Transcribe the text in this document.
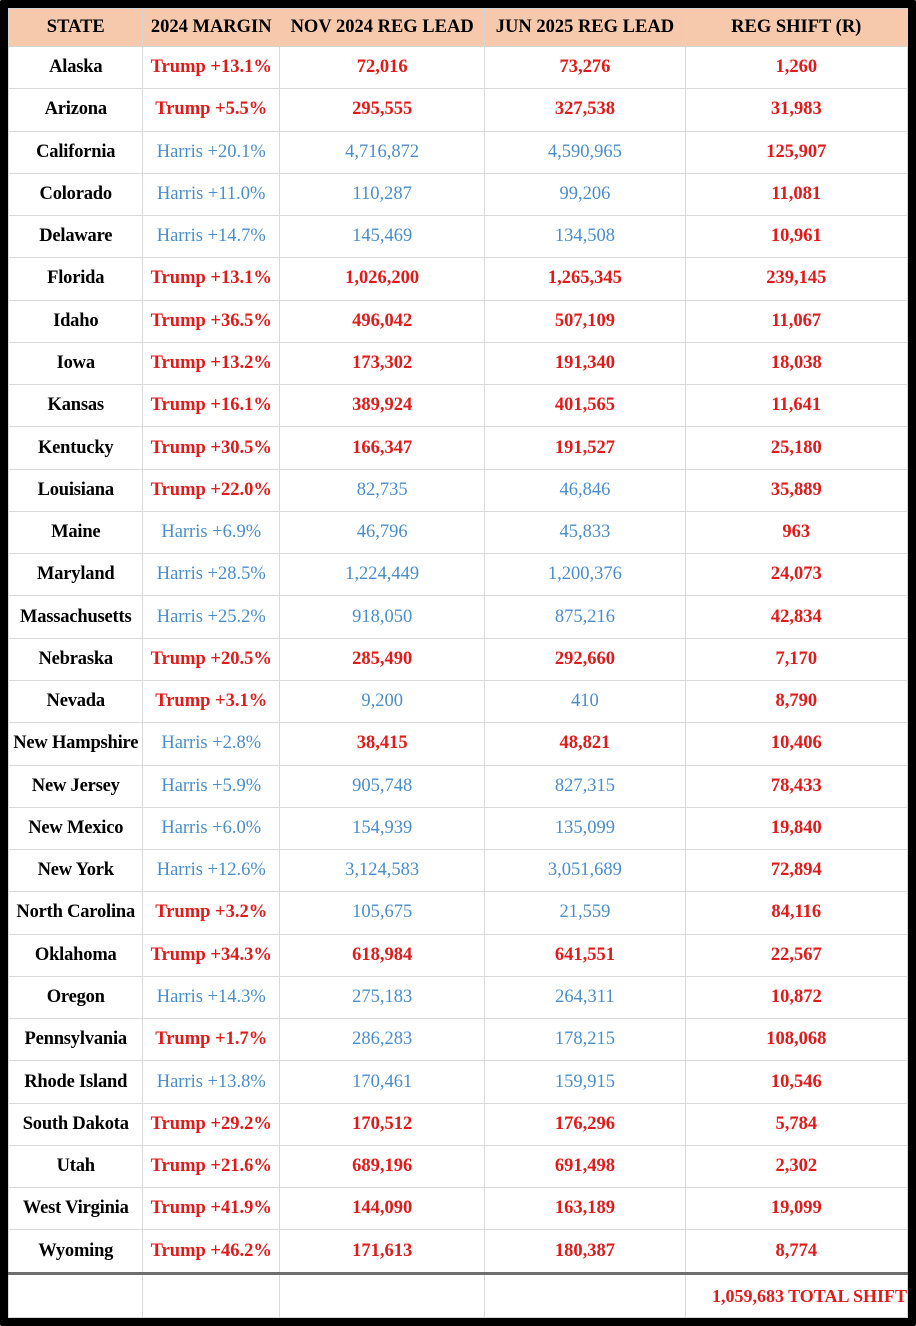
STATE	2024 MARGIN	NOV 2024 REG LEAD	JUN 2025 REG LEAD	REG SHIFT (R)
Alaska	Trump +13.1%	72,016	73,276	1,260
Arizona	Trump +5.5%	295,555	327,538	31,983
California	Harris +20.1%	4,716,872	4,590,965	125,907
Colorado	Harris +11.0%	110,287	99,206	11,081
Delaware	Harris +14.7%	145,469	134,508	10,961
Florida	Trump +13.1%	1,026,200	1,265,345	239,145
Idaho	Trump +36.5%	496,042	507,109	11,067
Iowa	Trump +13.2%	173,302	191,340	18,038
Kansas	Trump +16.1%	389,924	401,565	11,641
Kentucky	Trump +30.5%	166,347	191,527	25,180
Louisiana	Trump +22.0%	82,735	46,846	35,889
Maine	Harris +6.9%	46,796	45,833	963
Maryland	Harris +28.5%	1,224,449	1,200,376	24,073
Massachusetts	Harris +25.2%	918,050	875,216	42,834
Nebraska	Trump +20.5%	285,490	292,660	7,170
Nevada	Trump +3.1%	9,200	410	8,790
New Hampshire	Harris +2.8%	38,415	48,821	10,406
New Jersey	Harris +5.9%	905,748	827,315	78,433
New Mexico	Harris +6.0%	154,939	135,099	19,840
New York	Harris +12.6%	3,124,583	3,051,689	72,894
North Carolina	Trump +3.2%	105,675	21,559	84,116
Oklahoma	Trump +34.3%	618,984	641,551	22,567
Oregon	Harris +14.3%	275,183	264,311	10,872
Pennsylvania	Trump +1.7%	286,283	178,215	108,068
Rhode Island	Harris +13.8%	170,461	159,915	10,546
South Dakota	Trump +29.2%	170,512	176,296	5,784
Utah	Trump +21.6%	689,196	691,498	2,302
West Virginia	Trump +41.9%	144,090	163,189	19,099
Wyoming	Trump +46.2%	171,613	180,387	8,774
				1,059,683 TOTAL SHIFT
